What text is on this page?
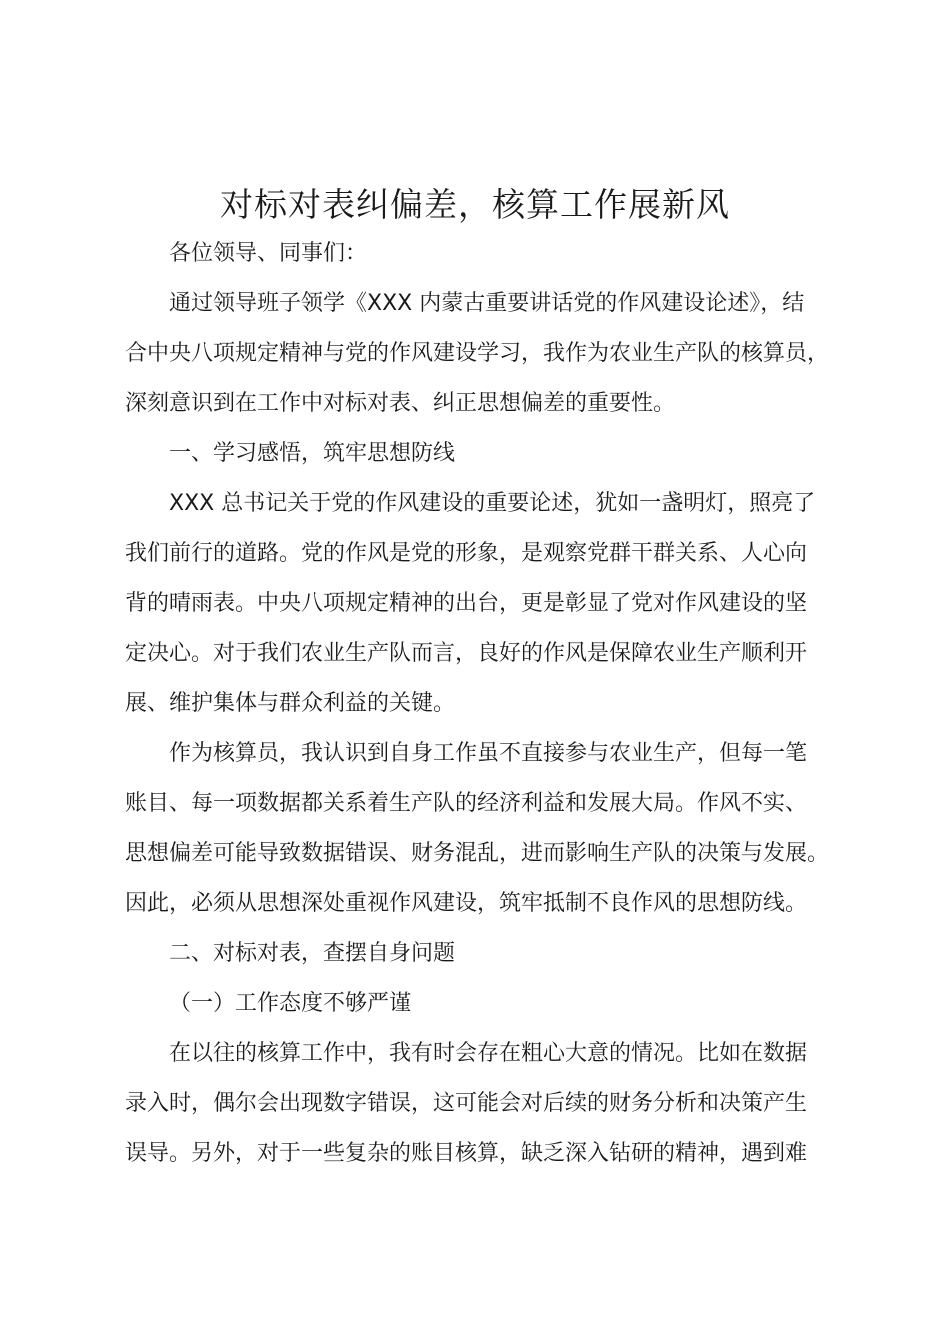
对标对表纠偏差，核算工作展新风

各位领导、同事们：

通过领导班子领学《XXX 内蒙古重要讲话党的作风建设论述》，结
合中央八项规定精神与党的作风建设学习，我作为农业生产队的核算员，
深刻意识到在工作中对标对表、纠正思想偏差的重要性。

一、学习感悟，筑牢思想防线

XXX 总书记关于党的作风建设的重要论述，犹如一盏明灯，照亮了
我们前行的道路。党的作风是党的形象，是观察党群干群关系、人心向
背的晴雨表。中央八项规定精神的出台，更是彰显了党对作风建设的坚
定决心。对于我们农业生产队而言，良好的作风是保障农业生产顺利开
展、维护集体与群众利益的关键。

作为核算员，我认识到自身工作虽不直接参与农业生产，但每一笔
账目、每一项数据都关系着生产队的经济利益和发展大局。作风不实、
思想偏差可能导致数据错误、财务混乱，进而影响生产队的决策与发展。
因此，必须从思想深处重视作风建设，筑牢抵制不良作风的思想防线。

二、对标对表，查摆自身问题

（一）工作态度不够严谨

在以往的核算工作中，我有时会存在粗心大意的情况。比如在数据
录入时，偶尔会出现数字错误，这可能会对后续的财务分析和决策产生
误导。另外，对于一些复杂的账目核算，缺乏深入钻研的精神，遇到难
